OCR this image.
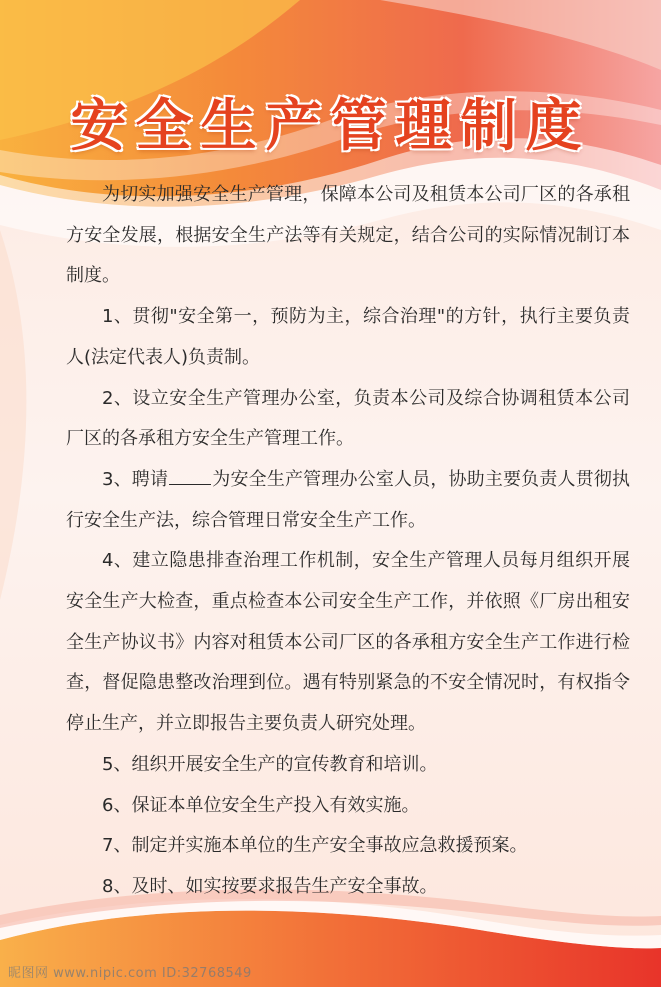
安全生产管理制度

为切实加强安全生产管理，保障本公司及租赁本公司厂区的各承租方安全发展，根据安全生产法等有关规定，结合公司的实际情况制订本制度。

1、贯彻"安全第一，预防为主，综合治理"的方针，执行主要负责人(法定代表人)负责制。

2、设立安全生产管理办公室，负责本公司及综合协调租赁本公司厂区的各承租方安全生产管理工作。

3、聘请 为安全生产管理办公室人员，协助主要负责人贯彻执行安全生产法，综合管理日常安全生产工作。

4、建立隐患排查治理工作机制，安全生产管理人员每月组织开展安全生产大检查，重点检查本公司安全生产工作，并依照《厂房出租安全生产协议书》内容对租赁本公司厂区的各承租方安全生产工作进行检查，督促隐患整改治理到位。遇有特别紧急的不安全情况时，有权指令停止生产，并立即报告主要负责人研究处理。

5、组织开展安全生产的宣传教育和培训。

6、保证本单位安全生产投入有效实施。

7、制定并实施本单位的生产安全事故应急救援预案。

8、及时、如实按要求报告生产安全事故。

昵图网 www.nipic.com ID:32768549
